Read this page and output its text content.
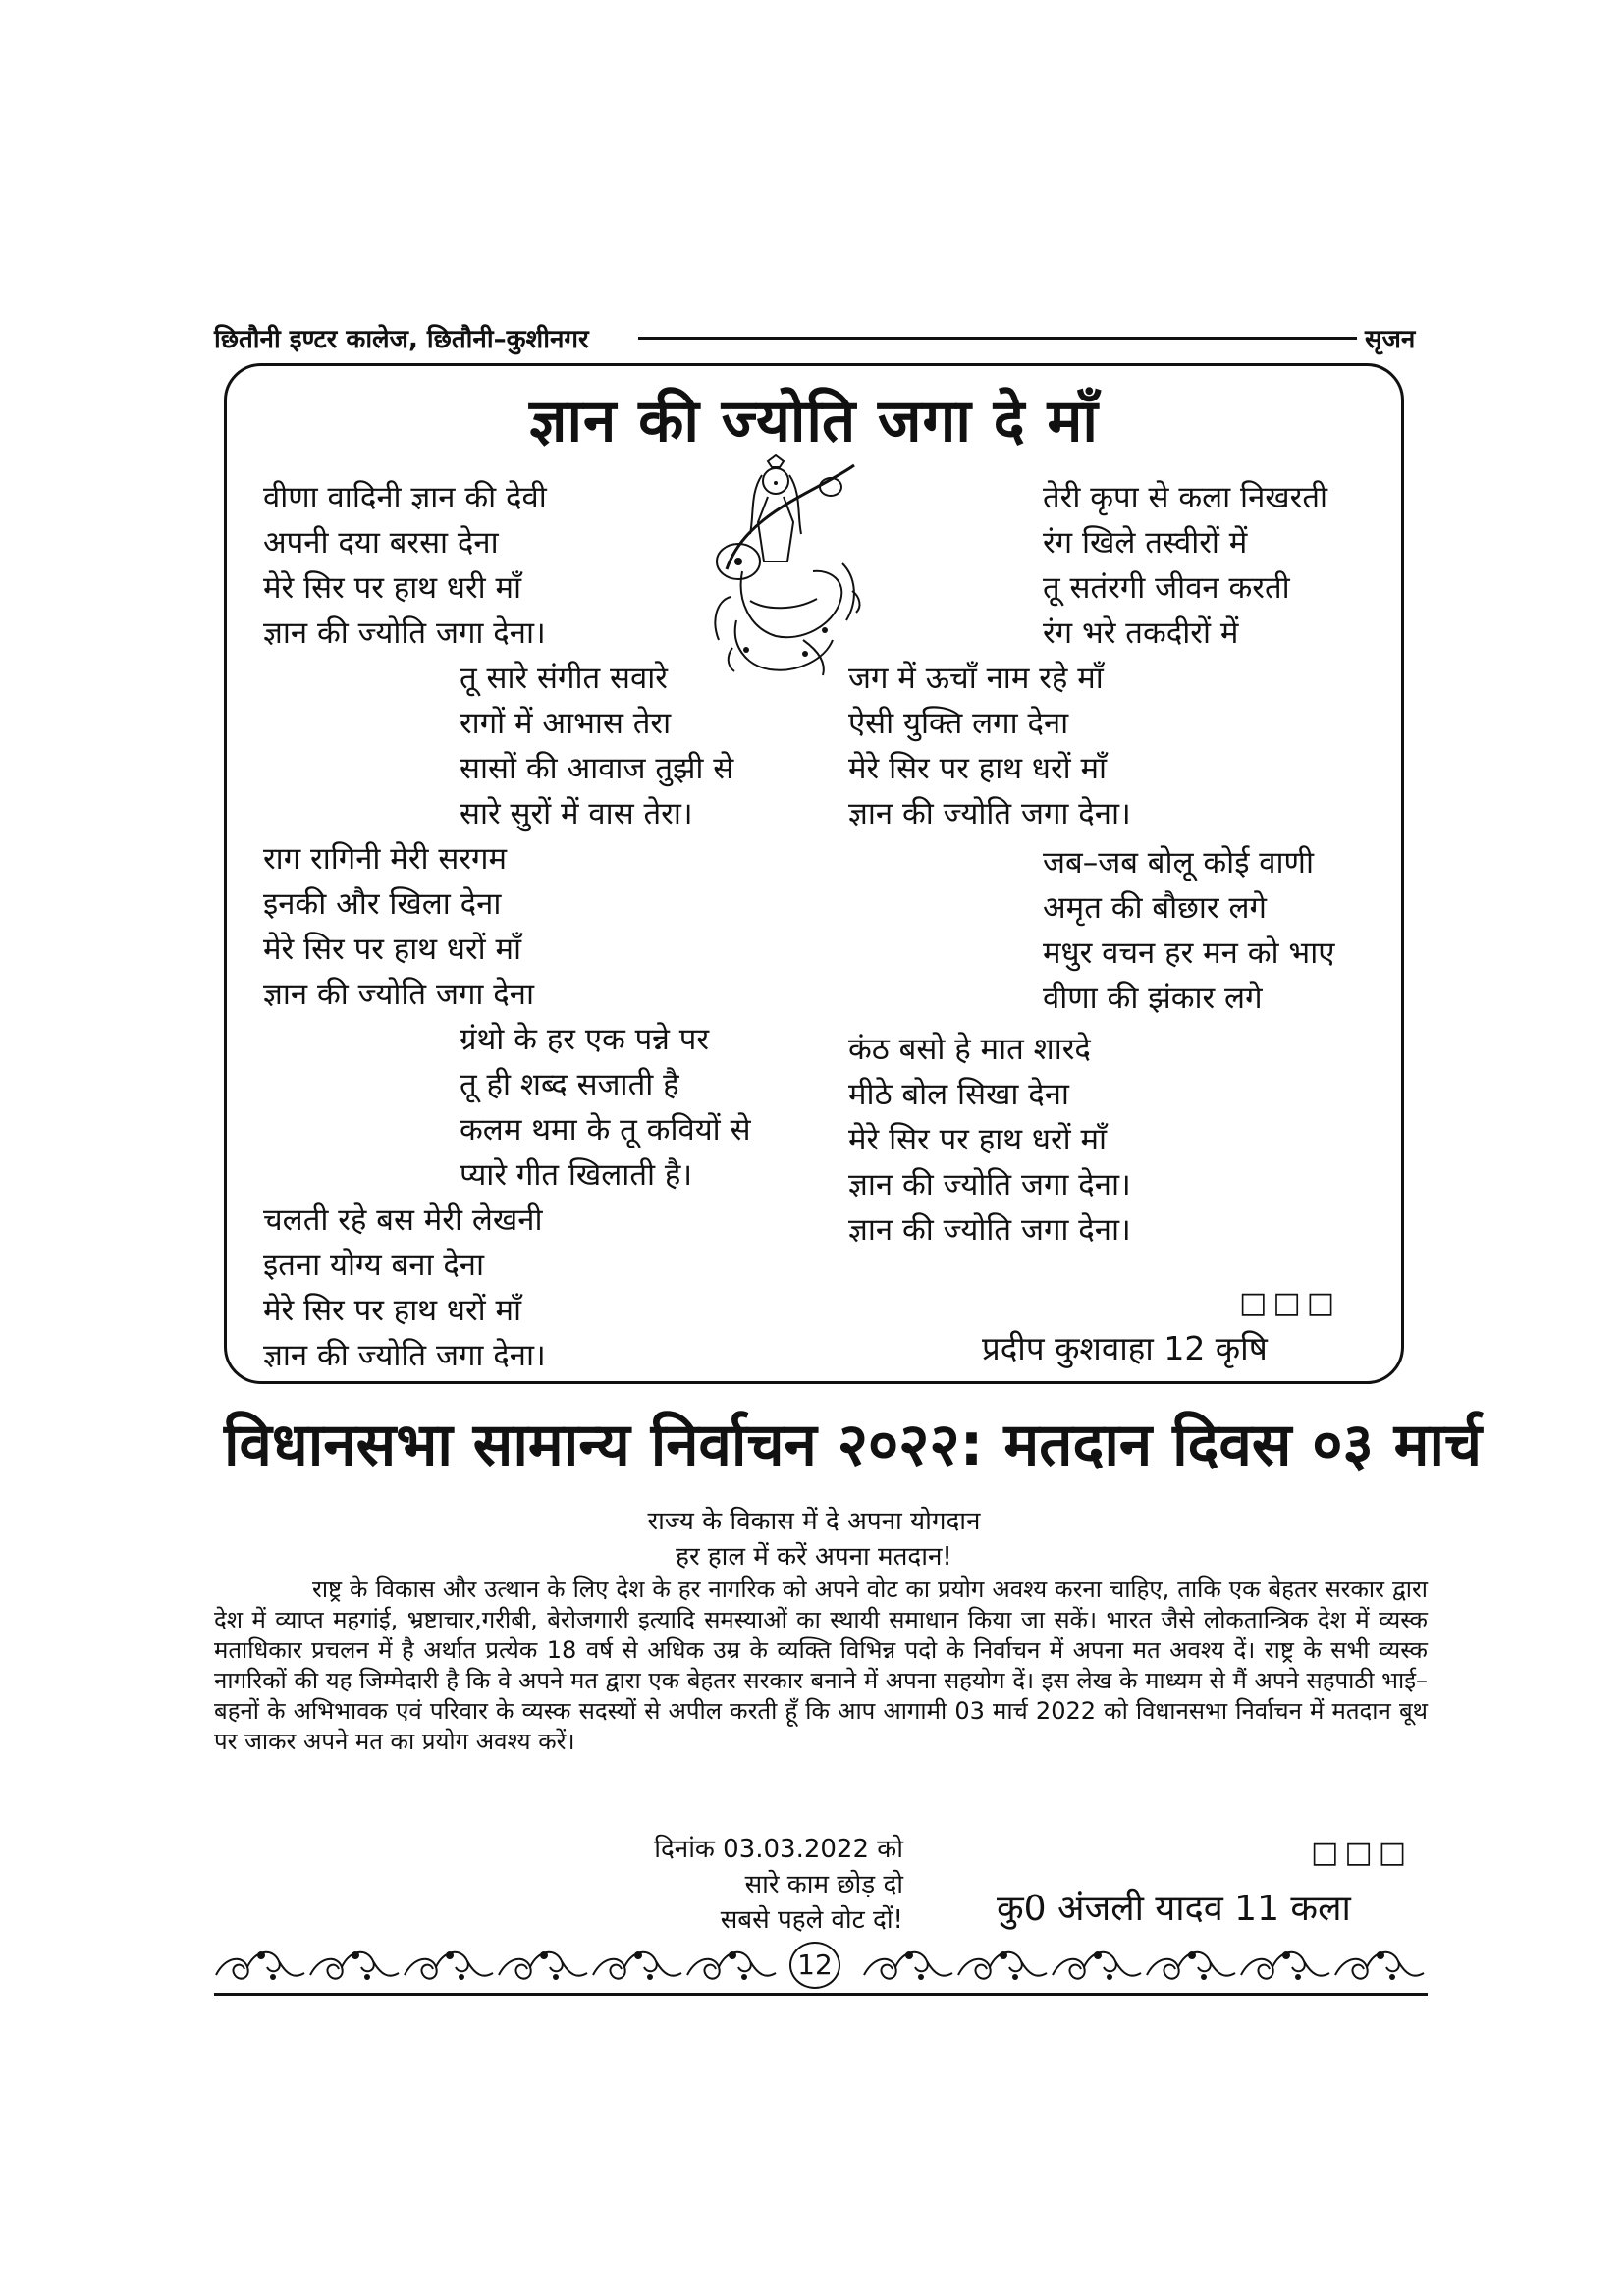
छितौनी इण्टर कालेज, छितौनी–कुशीनगर	सृजन
ज्ञान की ज्योति जगा दे माँ
वीणा वादिनी ज्ञान की देवी
अपनी दया बरसा देना
मेरे सिर पर हाथ धरी माँ
ज्ञान की ज्योति जगा देना।
तू सारे संगीत सवारे
रागों में आभास तेरा
सासों की आवाज तुझी से
सारे सुरों में वास तेरा।
राग रागिनी मेरी सरगम
इनकी और खिला देना
मेरे सिर पर हाथ धरों माँ
ज्ञान की ज्योति जगा देना
ग्रंथो के हर एक पन्ने पर
तू ही शब्द सजाती है
कलम थमा के तू कवियों से
प्यारे गीत खिलाती है।
चलती रहे बस मेरी लेखनी
इतना योग्य बना देना
मेरे सिर पर हाथ धरों माँ
ज्ञान की ज्योति जगा देना।
तेरी कृपा से कला निखरती
रंग खिले तस्वीरों में
तू सतंरगी जीवन करती
रंग भरे तकदीरों में
जग में ऊचाँ नाम रहे माँ
ऐसी युक्ति लगा देना
मेरे सिर पर हाथ धरों माँ
ज्ञान की ज्योति जगा देना।
जब–जब बोलू कोई वाणी
अमृत की बौछार लगे
मधुर वचन हर मन को भाए
वीणा की झंकार लगे
कंठ बसो हे मात शारदे
मीठे बोल सिखा देना
मेरे सिर पर हाथ धरों माँ
ज्ञान की ज्योति जगा देना।
ज्ञान की ज्योति जगा देना।
□□□
प्रदीप कुशवाहा 12 कृषि
विधानसभा सामान्य निर्वाचन २०२२: मतदान दिवस ०३ मार्च
राज्य के विकास में दे अपना योगदान
हर हाल में करें अपना मतदान!
राष्ट्र के विकास और उत्थान के लिए देश के हर नागरिक को अपने वोट का प्रयोग अवश्य करना चाहिए, ताकि एक बेहतर सरकार द्वारा देश में व्याप्त महगांई, भ्रष्टाचार,गरीबी, बेरोजगारी इत्यादि समस्याओं का स्थायी समाधान किया जा सकें। भारत जैसे लोकतान्त्रिक देश में व्यस्क मताधिकार प्रचलन में है अर्थात प्रत्येक 18 वर्ष से अधिक उम्र के व्यक्ति विभिन्न पदो के निर्वाचन में अपना मत अवश्य दें। राष्ट्र के सभी व्यस्क नागरिकों की यह जिम्मेदारी है कि वे अपने मत द्वारा एक बेहतर सरकार बनाने में अपना सहयोग दें। इस लेख के माध्यम से मैं अपने सहपाठी भाई–बहनों के अभिभावक एवं परिवार के व्यस्क सदस्यों से अपील करती हूँ कि आप आगामी 03 मार्च 2022 को विधानसभा निर्वाचन में मतदान बूथ पर जाकर अपने मत का प्रयोग अवश्य करें।
दिनांक 03.03.2022 को
सारे काम छोड़ दो
सबसे पहले वोट दों!
□□□
कु0 अंजली यादव 11 कला
12
